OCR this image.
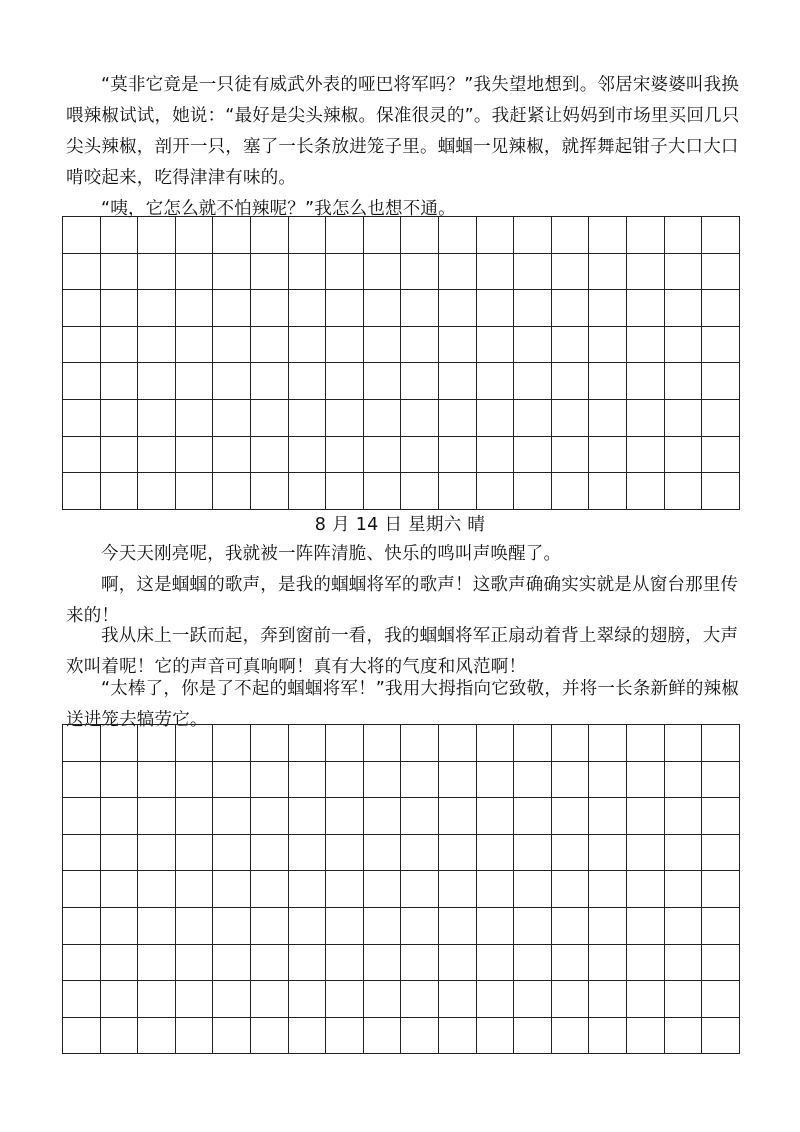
“莫非它竟是一只徒有威武外表的哑巴将军吗？”我失望地想到。邻居宋婆婆叫我换喂辣椒试试，她说：“最好是尖头辣椒。保准很灵的”。我赶紧让妈妈到市场里买回几只尖头辣椒，剖开一只，塞了一长条放进笼子里。蝈蝈一见辣椒，就挥舞起钳子大口大口啃咬起来，吃得津津有味的。

“咦，它怎么就不怕辣呢？”我怎么也想不通。

8 月 14 日 星期六 晴

今天天刚亮呢，我就被一阵阵清脆、快乐的鸣叫声唤醒了。

啊，这是蝈蝈的歌声，是我的蝈蝈将军的歌声！这歌声确确实实就是从窗台那里传来的！

我从床上一跃而起，奔到窗前一看，我的蝈蝈将军正扇动着背上翠绿的翅膀，大声欢叫着呢！它的声音可真响啊！真有大将的气度和风范啊！

“太棒了，你是了不起的蝈蝈将军！”我用大拇指向它致敬，并将一长条新鲜的辣椒送进笼去犒劳它。
